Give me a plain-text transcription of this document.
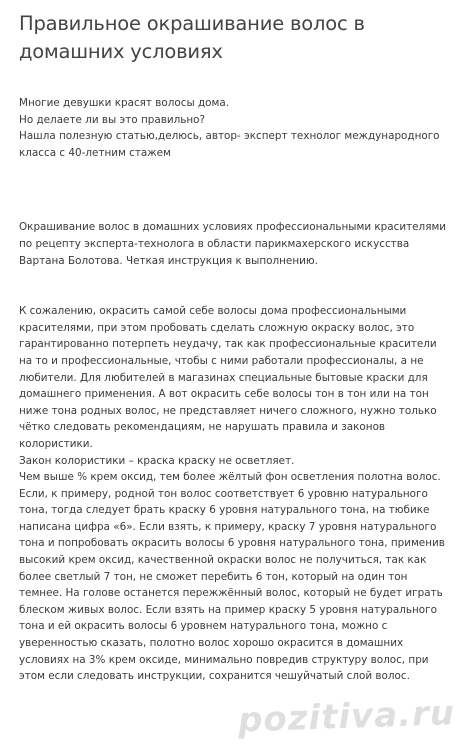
Правильное окрашивание волос в домашних условиях

Многие девушки красят волосы дома.
Но делаете ли вы это правильно?
Нашла полезную статью,делюсь, автор- эксперт технолог международного класса с 40-летним стажем

Окрашивание волос в домашних условиях профессиональными красителями по рецепту эксперта-технолога в области парикмахерского искусства Вартана Болотова. Четкая инструкция к выполнению.

К сожалению, окрасить самой себе волосы дома профессиональными красителями, при этом пробовать сделать сложную окраску волос, это гарантированно потерпеть неудачу, так как профессиональные красители на то и профессиональные, чтобы с ними работали профессионалы, а не любители. Для любителей в магазинах специальные бытовые краски для домашнего применения. А вот окрасить себе волосы тон в тон или на тон ниже тона родных волос, не представляет ничего сложного, нужно только чётко следовать рекомендациям, не нарушать правила и законов колористики.
Закон колористики – краска краску не осветляет.
Чем выше % крем оксид, тем более жёлтый фон осветления полотна волос.
Если, к примеру, родной тон волос соответствует 6 уровню натурального тона, тогда следует брать краску 6 уровня натурального тона, на тюбике написана цифра «6». Если взять, к примеру, краску 7 уровня натурального тона и попробовать окрасить волосы 6 уровня натурального тона, применив высокий крем оксид, качественной окраски волос не получиться, так как более светлый 7 тон, не сможет перебить 6 тон, который на один тон темнее. На голове останется пережжённый волос, который не будет играть блеском живых волос. Если взять на пример краску 5 уровня натурального тона и ей окрасить волосы 6 уровнем натурального тона, можно с уверенностью сказать, полотно волос хорошо окрасится в домашних условиях на 3% крем оксиде, минимально повредив структуру волос, при этом если следовать инструкции, сохранится чешуйчатый слой волос.

pozitiva.ru
